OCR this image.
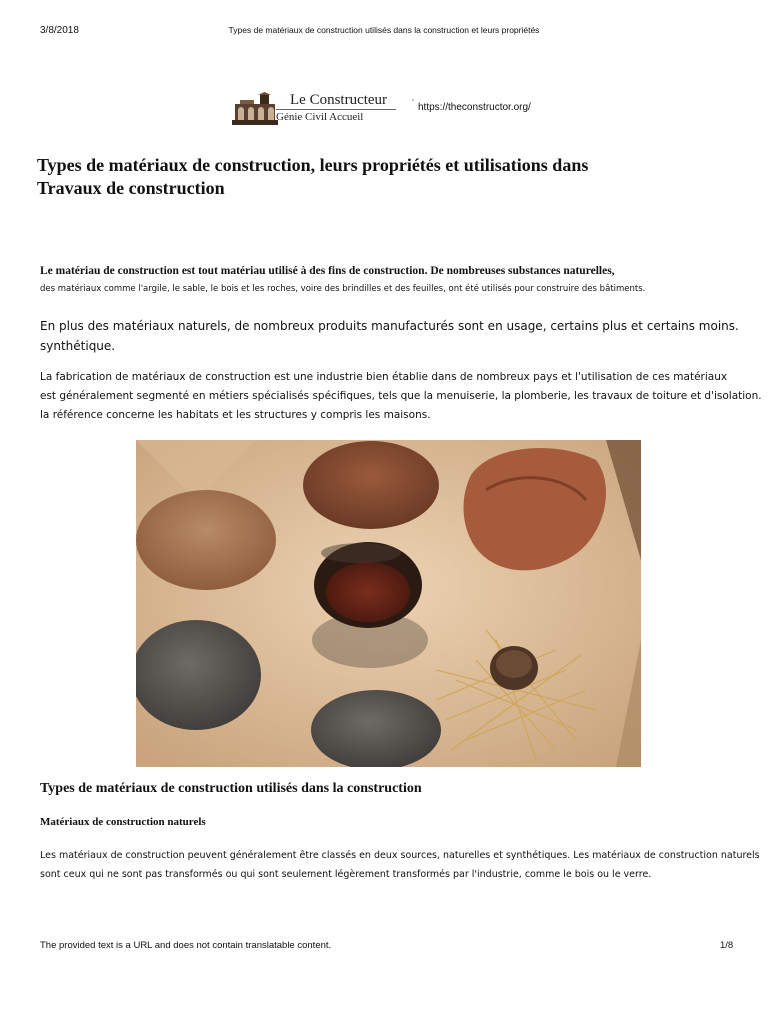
3/8/2018	Types de matériaux de construction utilisés dans la construction et leurs propriétés
Le Constructeur
Génie Civil Accueil
ʼ https://theconstructor.org/
Types de matériaux de construction, leurs propriétés et utilisations dans Travaux de construction
Le matériau de construction est tout matériau utilisé à des fins de construction. De nombreuses substances naturelles,
des matériaux comme l'argile, le sable, le bois et les roches, voire des brindilles et des feuilles, ont été utilisés pour construire des bâtiments.
En plus des matériaux naturels, de nombreux produits manufacturés sont en usage, certains plus et certains moins.
synthétique.
La fabrication de matériaux de construction est une industrie bien établie dans de nombreux pays et l'utilisation de ces matériaux
est généralement segmenté en métiers spécialisés spécifiques, tels que la menuiserie, la plomberie, les travaux de toiture et d'isolation.
la référence concerne les habitats et les structures y compris les maisons.
Types de matériaux de construction utilisés dans la construction
Matériaux de construction naturels
Les matériaux de construction peuvent généralement être classés en deux sources, naturelles et synthétiques. Les matériaux de construction naturels
sont ceux qui ne sont pas transformés ou qui sont seulement légèrement transformés par l'industrie, comme le bois ou le verre.
The provided text is a URL and does not contain translatable content.	1/8
